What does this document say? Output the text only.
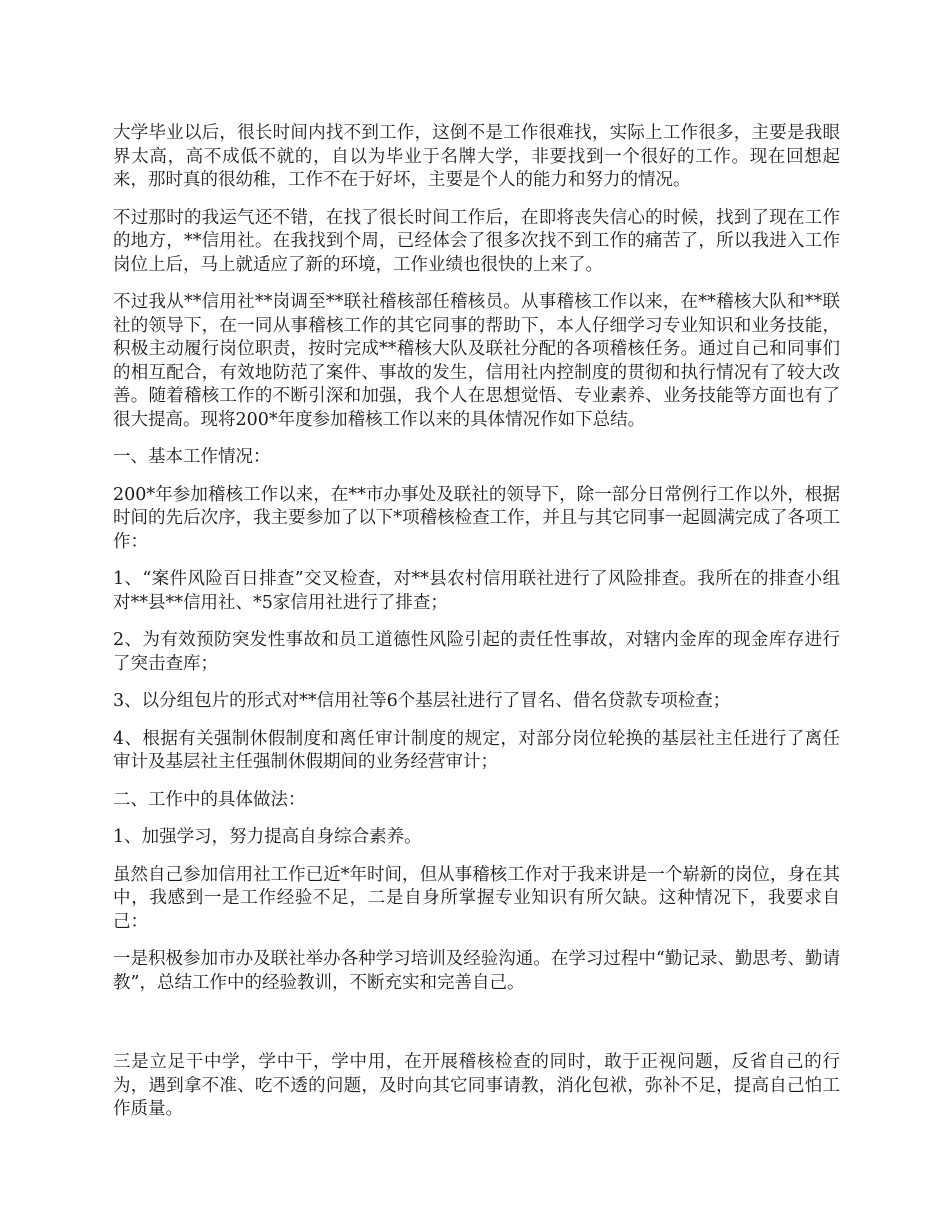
大学毕业以后，很长时间内找不到工作，这倒不是工作很难找，实际上工作很多，主要是我眼界太高，高不成低不就的，自以为毕业于名牌大学，非要找到一个很好的工作。现在回想起来，那时真的很幼稚，工作不在于好坏，主要是个人的能力和努力的情况。

不过那时的我运气还不错，在找了很长时间工作后，在即将丧失信心的时候，找到了现在工作的地方，**信用社。在我找到个周，已经体会了很多次找不到工作的痛苦了，所以我进入工作岗位上后，马上就适应了新的环境，工作业绩也很快的上来了。

不过我从**信用社**岗调至**联社稽核部任稽核员。从事稽核工作以来，在**稽核大队和**联社的领导下，在一同从事稽核工作的其它同事的帮助下，本人仔细学习专业知识和业务技能，积极主动履行岗位职责，按时完成**稽核大队及联社分配的各项稽核任务。通过自己和同事们的相互配合，有效地防范了案件、事故的发生，信用社内控制度的贯彻和执行情况有了较大改善。随着稽核工作的不断引深和加强，我个人在思想觉悟、专业素养、业务技能等方面也有了很大提高。现将200*年度参加稽核工作以来的具体情况作如下总结。

一、基本工作情况：

200*年参加稽核工作以来，在**市办事处及联社的领导下，除一部分日常例行工作以外，根据时间的先后次序，我主要参加了以下*项稽核检查工作，并且与其它同事一起圆满完成了各项工作：

1、“案件风险百日排查”交叉检查，对**县农村信用联社进行了风险排查。我所在的排查小组对**县**信用社、*5家信用社进行了排查；

2、为有效预防突发性事故和员工道德性风险引起的责任性事故，对辖内金库的现金库存进行了突击查库；

3、以分组包片的形式对**信用社等6个基层社进行了冒名、借名贷款专项检查；

4、根据有关强制休假制度和离任审计制度的规定，对部分岗位轮换的基层社主任进行了离任审计及基层社主任强制休假期间的业务经营审计；

二、工作中的具体做法：

1、加强学习，努力提高自身综合素养。

虽然自己参加信用社工作已近*年时间，但从事稽核工作对于我来讲是一个崭新的岗位，身在其中，我感到一是工作经验不足，二是自身所掌握专业知识有所欠缺。这种情况下，我要求自己：

一是积极参加市办及联社举办各种学习培训及经验沟通。在学习过程中“勤记录、勤思考、勤请教”，总结工作中的经验教训，不断充实和完善自己。

三是立足干中学，学中干，学中用，在开展稽核检查的同时，敢于正视问题，反省自己的行为，遇到拿不准、吃不透的问题，及时向其它同事请教，消化包袱，弥补不足，提高自己怕工作质量。
